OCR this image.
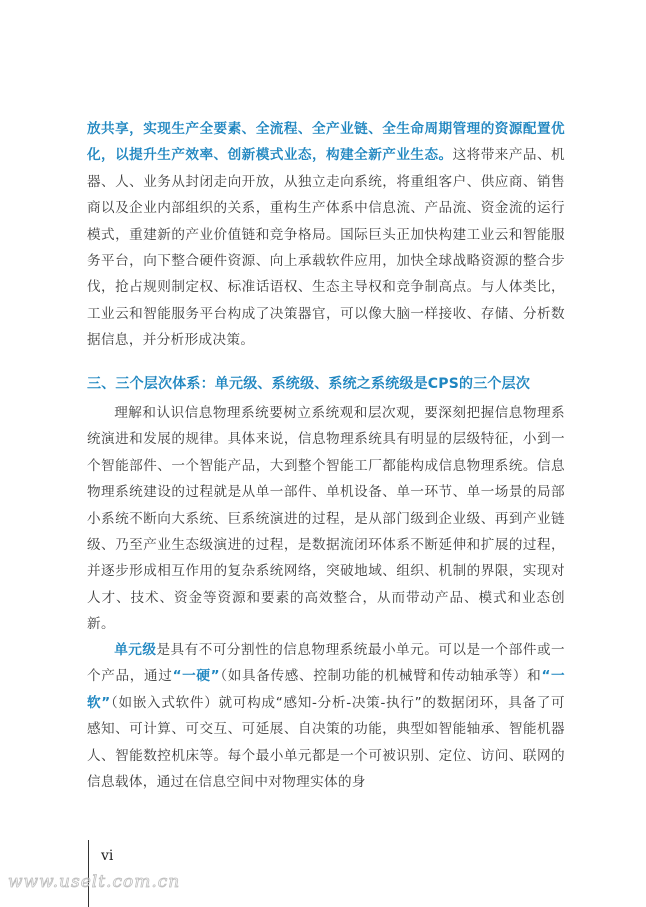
放共享，实现生产全要素、全流程、全产业链、全生命周期管理的资源配置优化，以提升生产效率、创新模式业态，构建全新产业生态。这将带来产品、机器、人、业务从封闭走向开放，从独立走向系统，将重组客户、供应商、销售商以及企业内部组织的关系，重构生产体系中信息流、产品流、资金流的运行模式，重建新的产业价值链和竞争格局。国际巨头正加快构建工业云和智能服务平台，向下整合硬件资源、向上承载软件应用，加快全球战略资源的整合步伐，抢占规则制定权、标准话语权、生态主导权和竞争制高点。与人体类比，工业云和智能服务平台构成了决策器官，可以像大脑一样接收、存储、分析数据信息，并分析形成决策。

三、三个层次体系：单元级、系统级、系统之系统级是CPS的三个层次

理解和认识信息物理系统要树立系统观和层次观，要深刻把握信息物理系统演进和发展的规律。具体来说，信息物理系统具有明显的层级特征，小到一个智能部件、一个智能产品，大到整个智能工厂都能构成信息物理系统。信息物理系统建设的过程就是从单一部件、单机设备、单一环节、单一场景的局部小系统不断向大系统、巨系统演进的过程，是从部门级到企业级、再到产业链级、乃至产业生态级演进的过程，是数据流闭环体系不断延伸和扩展的过程，并逐步形成相互作用的复杂系统网络，突破地域、组织、机制的界限，实现对人才、技术、资金等资源和要素的高效整合，从而带动产品、模式和业态创新。

单元级是具有不可分割性的信息物理系统最小单元。可以是一个部件或一个产品，通过“一硬”（如具备传感、控制功能的机械臂和传动轴承等）和“一软”（如嵌入式软件）就可构成“感知-分析-决策-执行”的数据闭环，具备了可感知、可计算、可交互、可延展、自决策的功能，典型如智能轴承、智能机器人、智能数控机床等。每个最小单元都是一个可被识别、定位、访问、联网的信息载体，通过在信息空间中对物理实体的身

vi
www.uselt.com.cn
